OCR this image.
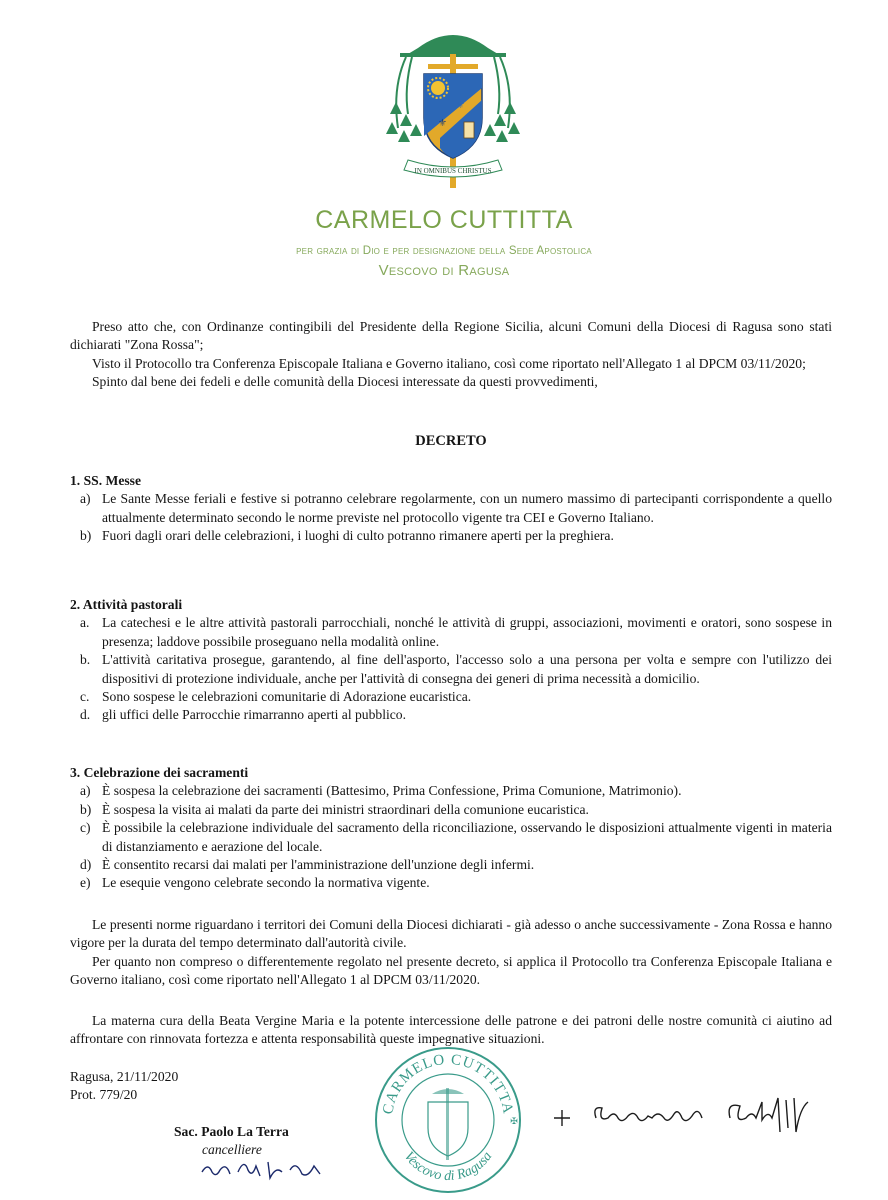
⚜
⚜
IN OMNIBUS CHRISTUS
CARMELO CUTTITTA
per grazia di Dio e per designazione della Sede Apostolica
Vescovo di Ragusa

Preso atto che, con Ordinanze contingibili del Presidente della Regione Sicilia, alcuni Comuni della Diocesi di Ragusa sono stati dichiarati "Zona Rossa";

Visto il Protocollo tra Conferenza Episcopale Italiana e Governo italiano, così come riportato nell'Allegato 1 al DPCM 03/11/2020;

Spinto dal bene dei fedeli e delle comunità della Diocesi interessate da questi provvedimenti,

DECRETO
1. SS. Messe
a) Le Sante Messe feriali e festive si potranno celebrare regolarmente, con un numero massimo di partecipanti corrispondente a quello attualmente determinato secondo le norme previste nel protocollo vigente tra CEI e Governo Italiano.
b) Fuori dagli orari delle celebrazioni, i luoghi di culto potranno rimanere aperti per la preghiera.
2. Attività pastorali
a. La catechesi e le altre attività pastorali parrocchiali, nonché le attività di gruppi, associazioni, movimenti e oratori, sono sospese in presenza; laddove possibile proseguano nella modalità online.
b. L'attività caritativa prosegue, garantendo, al fine dell'asporto, l'accesso solo a una persona per volta e sempre con l'utilizzo dei dispositivi di protezione individuale, anche per l'attività di consegna dei generi di prima necessità a domicilio.
c. Sono sospese le celebrazioni comunitarie di Adorazione eucaristica.
d. gli uffici delle Parrocchie rimarranno aperti al pubblico.
3. Celebrazione dei sacramenti
a) È sospesa la celebrazione dei sacramenti (Battesimo, Prima Confessione, Prima Comunione, Matrimonio).
b) È sospesa la visita ai malati da parte dei ministri straordinari della comunione eucaristica.
c) È possibile la celebrazione individuale del sacramento della riconciliazione, osservando le disposizioni attualmente vigenti in materia di distanziamento e aerazione del locale.
d) È consentito recarsi dai malati per l'amministrazione dell'unzione degli infermi.
e) Le esequie vengono celebrate secondo la normativa vigente.

Le presenti norme riguardano i territori dei Comuni della Diocesi dichiarati - già adesso o anche successivamente - Zona Rossa e hanno vigore per la durata del tempo determinato dall'autorità civile.

Per quanto non compreso o differentemente regolato nel presente decreto, si applica il Protocollo tra Conferenza Episcopale Italiana e Governo italiano, così come riportato nell'Allegato 1 al DPCM 03/11/2020.

La materna cura della Beata Vergine Maria e la potente intercessione delle patrone e dei patroni delle nostre comunità ci aiutino ad affrontare con rinnovata fortezza e attenta responsabilità queste impegnative situazioni.

Ragusa, 21/11/2020
Prot. 779/20
Sac. Paolo La Terra
cancelliere
CARMELO CUTTITTA
Vescovo di Ragusa
✠
